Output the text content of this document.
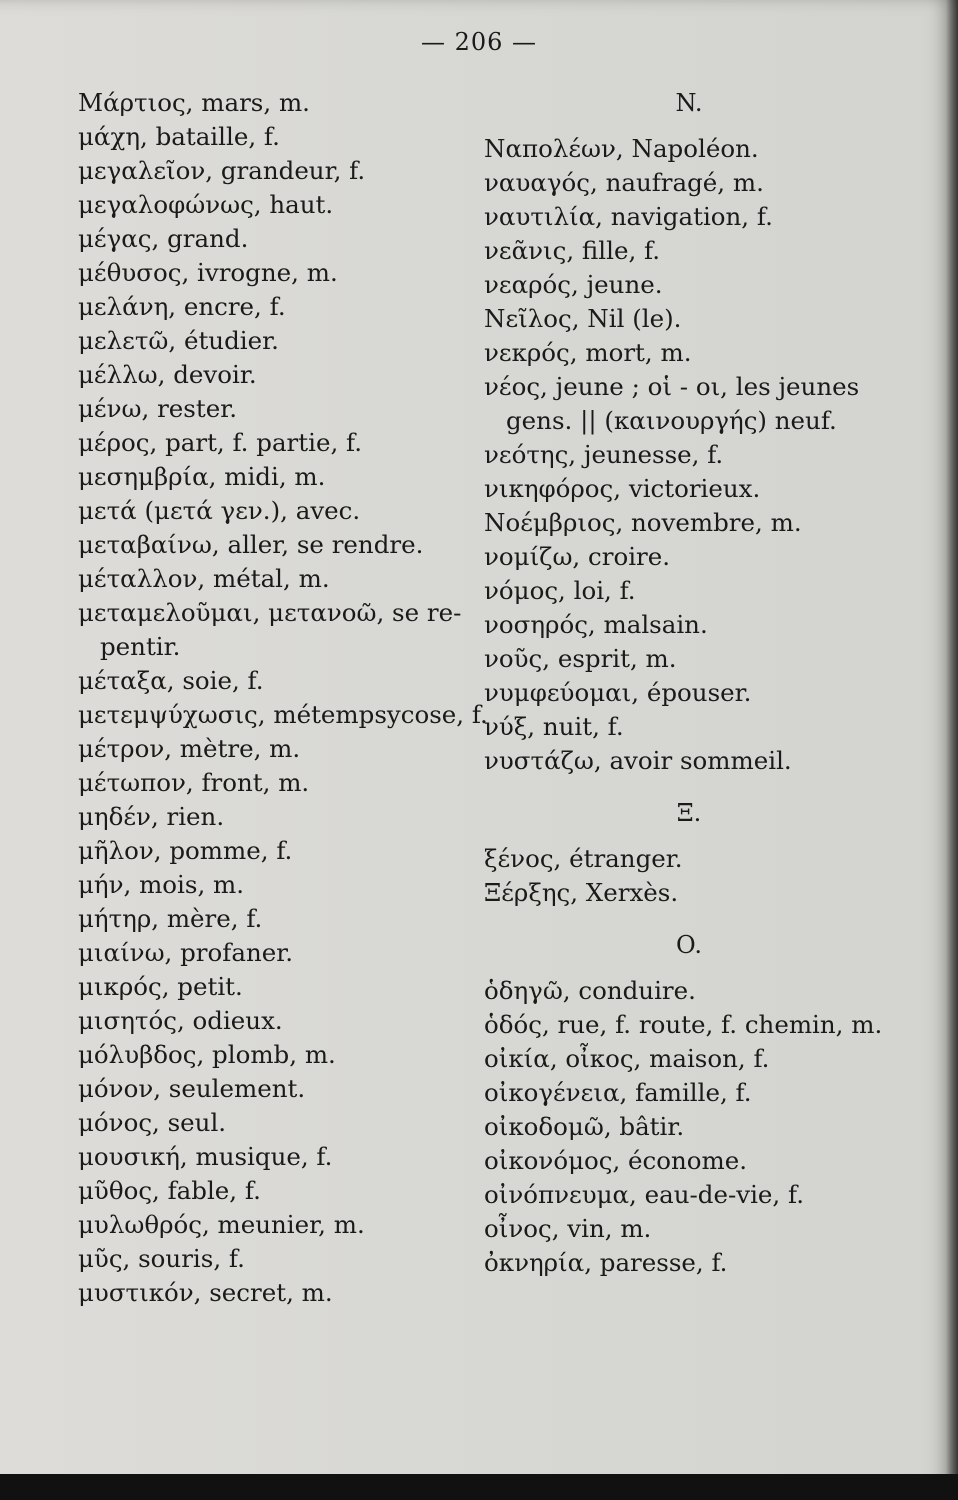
— 206 —
Μάρτιος, mars, m.
μάχη, bataille, f.
μεγαλεῖον, grandeur, f.
μεγαλοφώνως, haut.
μέγας, grand.
μέθυσος, ivrogne, m.
μελάνη, encre, f.
μελετῶ, étudier.
μέλλω, devoir.
μένω, rester.
μέρος, part, f. partie, f.
μεσημβρία, midi, m.
μετά (μετά γεν.), avec.
μεταβαίνω, aller, se rendre.
μέταλλον, métal, m.
μεταμελοῦμαι, μετανοῶ, se re-
pentir.
μέταξα, soie, f.
μετεμψύχωσις, métempsycose, f.
μέτρον, mètre, m.
μέτωπον, front, m.
μηδέν, rien.
μῆλον, pomme, f.
μήν, mois, m.
μήτηρ, mère, f.
μιαίνω, profaner.
μικρός, petit.
μισητός, odieux.
μόλυβδος, plomb, m.
μόνον, seulement.
μόνος, seul.
μουσική, musique, f.
μῦθος, fable, f.
μυλωθρός, meunier, m.
μῦς, souris, f.
μυστικόν, secret, m.
N.
Ναπολέων, Napoléon.
ναυαγός, naufragé, m.
ναυτιλία, navigation, f.
νεᾶνις, fille, f.
νεαρός, jeune.
Νεῖλος, Nil (le).
νεκρός, mort, m.
νέος, jeune ; οἱ - οι, les jeunes
gens. || (καινουργής) neuf.
νεότης, jeunesse, f.
νικηφόρος, victorieux.
Νοέμβριος, novembre, m.
νομίζω, croire.
νόμος, loi, f.
νοσηρός, malsain.
νοῦς, esprit, m.
νυμφεύομαι, épouser.
νύξ, nuit, f.
νυστάζω, avoir sommeil.
Ξ.
ξένος, étranger.
Ξέρξης, Xerxès.
O.
ὁδηγῶ, conduire.
ὁδός, rue, f. route, f. chemin, m.
οἰκία, οἶκος, maison, f.
οἰκογένεια, famille, f.
οἰκοδομῶ, bâtir.
οἰκονόμος, économe.
οἰνόπνευμα, eau-de-vie, f.
οἶνος, vin, m.
ὀκνηρία, paresse, f.
